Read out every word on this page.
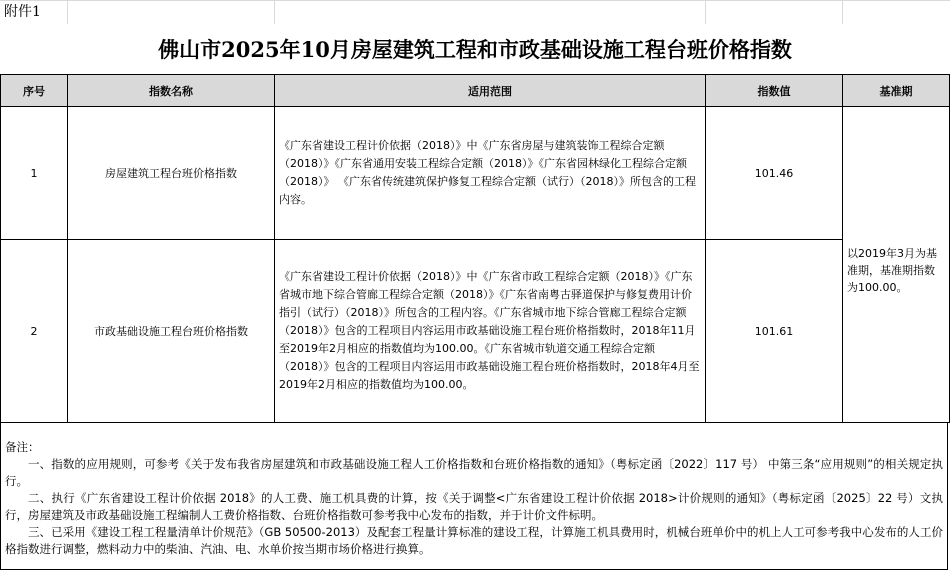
附件1
佛山市2025年10月房屋建筑工程和市政基础设施工程台班价格指数
序号	指数名称	适用范围	指数值	基准期
1	房屋建筑工程台班价格指数	《广东省建设工程计价依据（2018）》中《广东省房屋与建筑装饰工程综合定额（2018）》《广东省通用安装工程综合定额（2018）》《广东省园林绿化工程综合定额（2018）》 《广东省传统建筑保护修复工程综合定额（试行）（2018）》所包含的工程内容。	101.46	以2019年3月为基准期，基准期指数为100.00。
2	市政基础设施工程台班价格指数	《广东省建设工程计价依据（2018）》中《广东省市政工程综合定额（2018）》《广东省城市地下综合管廊工程综合定额（2018）》《广东省南粤古驿道保护与修复费用计价指引（试行）（2018）》所包含的工程内容。《广东省城市地下综合管廊工程综合定额（2018）》包含的工程项目内容运用市政基础设施工程台班价格指数时，2018年11月至2019年2月相应的指数值均为100.00。《广东省城市轨道交通工程综合定额（2018）》包含的工程项目内容运用市政基础设施工程台班价格指数时，2018年4月至2019年2月相应的指数值均为100.00。	101.61	

备注：

一、指数的应用规则，可参考《关于发布我省房屋建筑和市政基础设施工程人工价格指数和台班价格指数的通知》（粤标定函〔2022〕117 号） 中第三条“应用规则”的相关规定执行。

二、执行《广东省建设工程计价依据 2018》的人工费、施工机具费的计算，按《关于调整<广东省建设工程计价依据 2018>计价规则的通知》（粤标定函〔2025〕22 号）文执行，房屋建筑及市政基础设施工程编制人工费价格指数、台班价格指数可参考我中心发布的指数，并于计价文件标明。

三、已采用《建设工程工程量清单计价规范》（GB 50500-2013）及配套工程量计算标准的建设工程，计算施工机具费用时，机械台班单价中的机上人工可参考我中心发布的人工价格指数进行调整，燃料动力中的柴油、汽油、电、水单价按当期市场价格进行换算。
